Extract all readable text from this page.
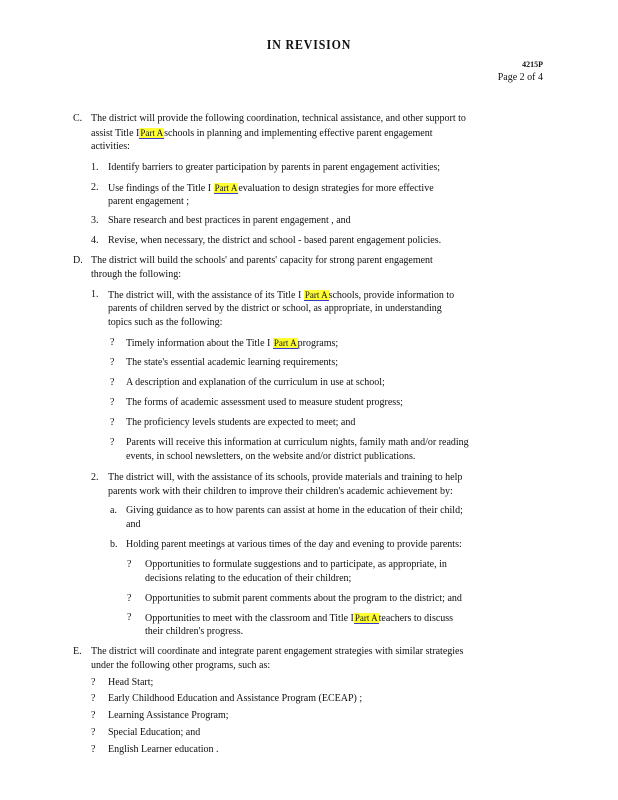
IN REVISION
4215P
Page 2 of 4
C. The district will provide the following coordination, technical assistance, and other support to
assist Title IPart Aschools in planning and implementing effective parent engagement
activities:
1. Identify barriers to greater participation by parents in parent engagement activities;
2. Use findings of the Title I Part Aevaluation to design strategies for more effective
parent engagement ;
3. Share research and best practices in parent engagement , and
4. Revise, when necessary, the district and school - based parent engagement policies.
D. The district will build the schools' and parents' capacity for strong parent engagement
through the following:
1. The district will, with the assistance of its Title I Part Aschools, provide information to
parents of children served by the district or school, as appropriate, in understanding
topics such as the following:
? Timely information about the Title I Part Aprograms;
? The state's essential academic learning requirements;
? A description and explanation of the curriculum in use at school;
? The forms of academic assessment used to measure student progress;
? The proficiency levels students are expected to meet; and
? Parents will receive this information at curriculum nights, family math and/or reading
events, in school newsletters, on the website and/or district publications.
2. The district will, with the assistance of its schools, provide materials and training to help
parents work with their children to improve their children's academic achievement by:
a. Giving guidance as to how parents can assist at home in the education of their child;
and
b. Holding parent meetings at various times of the day and evening to provide parents:
? Opportunities to formulate suggestions and to participate, as appropriate, in
decisions relating to the education of their children;
? Opportunities to submit parent comments about the program to the district; and
? Opportunities to meet with the classroom and Title IPart Ateachers to discuss
their children's progress.
E. The district will coordinate and integrate parent engagement strategies with similar strategies
under the following other programs, such as:
? Head Start;
? Early Childhood Education and Assistance Program (ECEAP) ;
? Learning Assistance Program;
? Special Education; and
? English Learner education .
